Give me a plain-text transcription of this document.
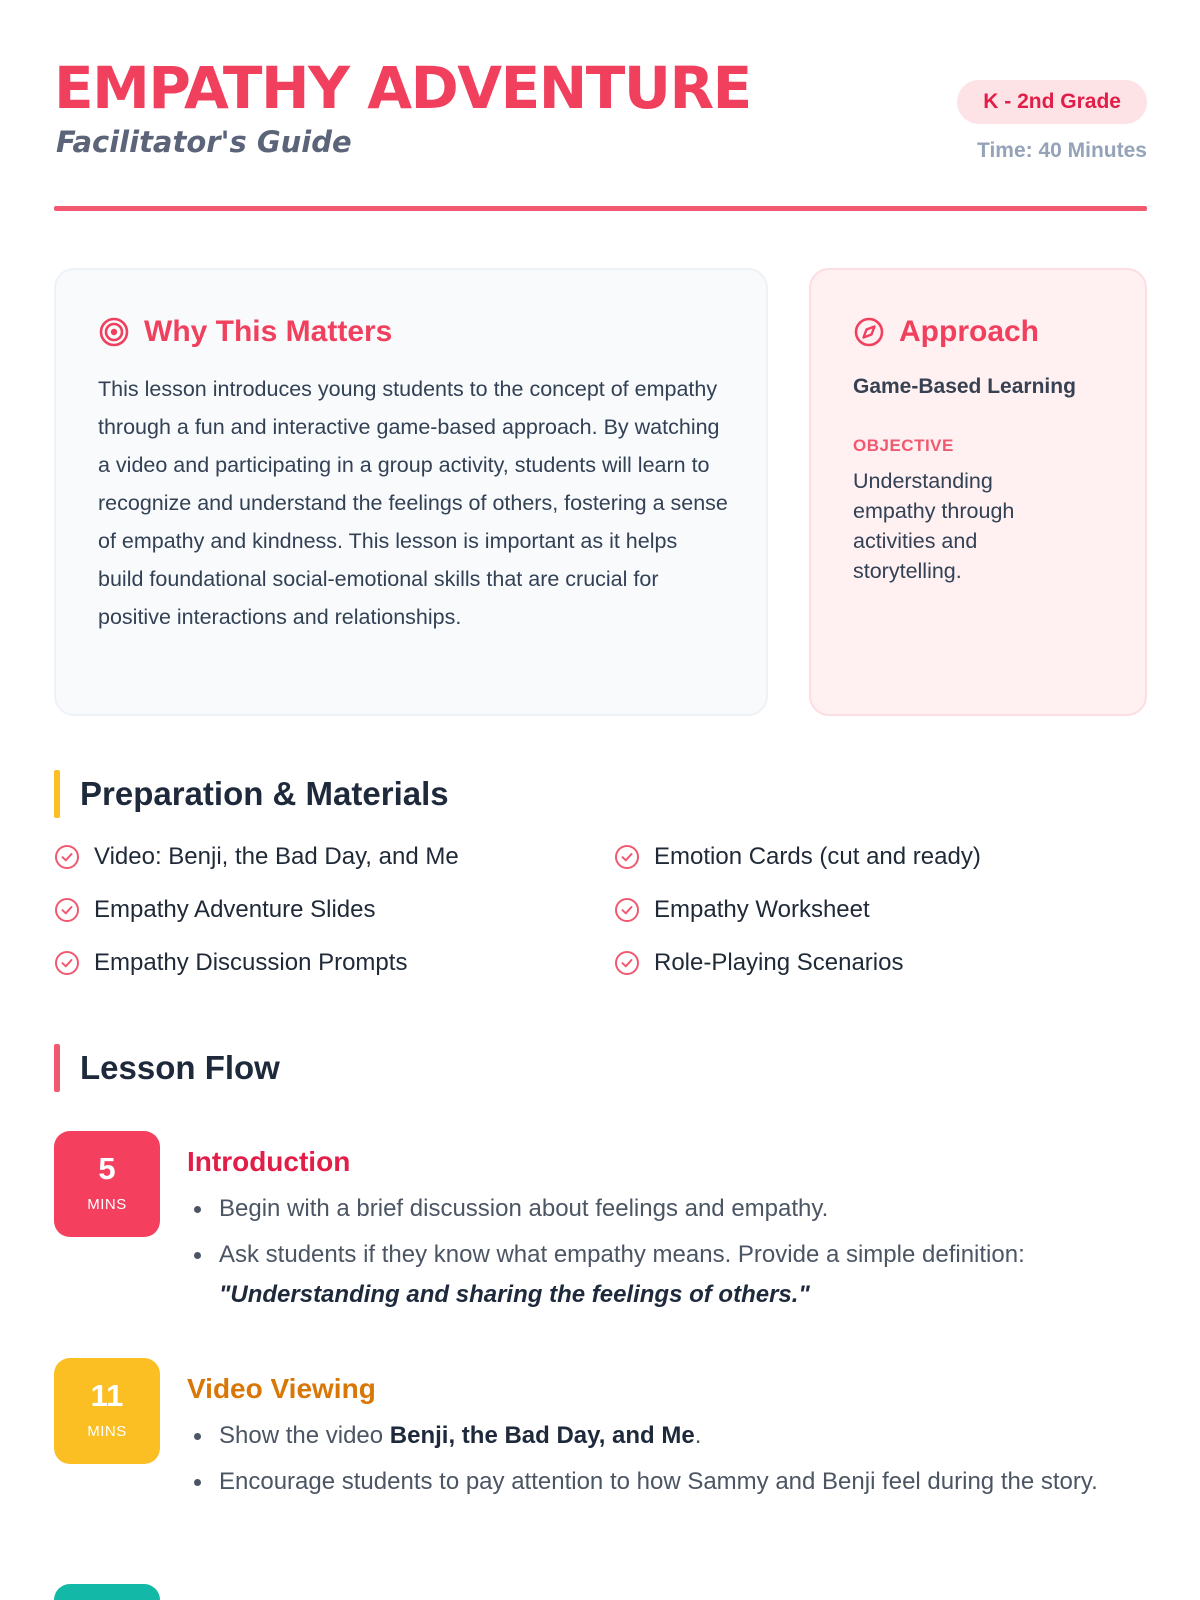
EMPATHY ADVENTURE
Facilitator's Guide
K - 2nd Grade
Time: 40 Minutes
Why This Matters
This lesson introduces young students to the concept of empathy through a fun and interactive game-based approach. By watching a video and participating in a group activity, students will learn to recognize and understand the feelings of others, fostering a sense of empathy and kindness. This lesson is important as it helps build foundational social-emotional skills that are crucial for positive interactions and relationships.
Approach
Game-Based Learning
OBJECTIVE
Understanding empathy through activities and storytelling.
Preparation & Materials
Video: Benji, the Bad Day, and Me	Emotion Cards (cut and ready)
Empathy Adventure Slides	Empathy Worksheet
Empathy Discussion Prompts	Role-Playing Scenarios
Lesson Flow
5
MINS
Introduction
Begin with a brief discussion about feelings and empathy.
Ask students if they know what empathy means. Provide a simple definition: "Understanding and sharing the feelings of others."
11
MINS
Video Viewing
Show the video Benji, the Bad Day, and Me.
Encourage students to pay attention to how Sammy and Benji feel during the story.
